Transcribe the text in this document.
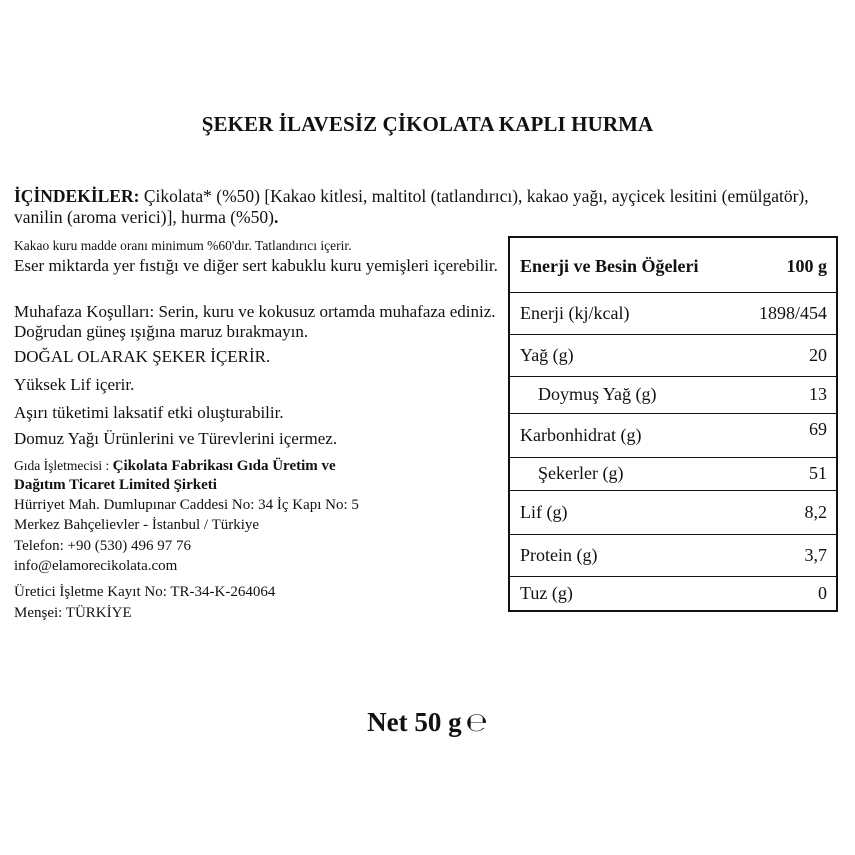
ŞEKER İLAVESİZ ÇİKOLATA KAPLI HURMA
İÇİNDEKİLER: Çikolata* (%50) [Kakao kitlesi, maltitol (tatlandırıcı), kakao yağı, ayçicek lesitini (emülgatör), vanilin (aroma verici)], hurma (%50).
Kakao kuru madde oranı minimum %60'dır. Tatlandırıcı içerir.
Eser miktarda yer fıstığı ve diğer sert kabuklu kuru yemişleri içerebilir.
Muhafaza Koşulları: Serin, kuru ve kokusuz ortamda muhafaza ediniz. Doğrudan güneş ışığına maruz bırakmayın.
DOĞAL OLARAK ŞEKER İÇERİR.
Yüksek Lif içerir.
Aşırı tüketimi laksatif etki oluşturabilir.
Domuz Yağı Ürünlerini ve Türevlerini içermez.
Gıda İşletmecisi : Çikolata Fabrikası Gıda Üretim ve
Dağıtım Ticaret Limited Şirketi
Hürriyet Mah. Dumlupınar Caddesi No: 34 İç Kapı No: 5
Merkez Bahçelievler - İstanbul / Türkiye
Telefon: +90 (530) 496 97 76
info@elamorecikolata.com
Üretici İşletme Kayıt No: TR-34-K-264064
Menşei: TÜRKİYE
Enerji ve Besin Öğeleri	100 g
Enerji (kj/kcal)	1898/454
Yağ (g)	20
Doymuş Yağ (g)	13
Karbonhidrat (g)	69
Şekerler (g)	51
Lif (g)	8,2
Protein (g)	3,7
Tuz (g)	0
Net 50 g ℮
